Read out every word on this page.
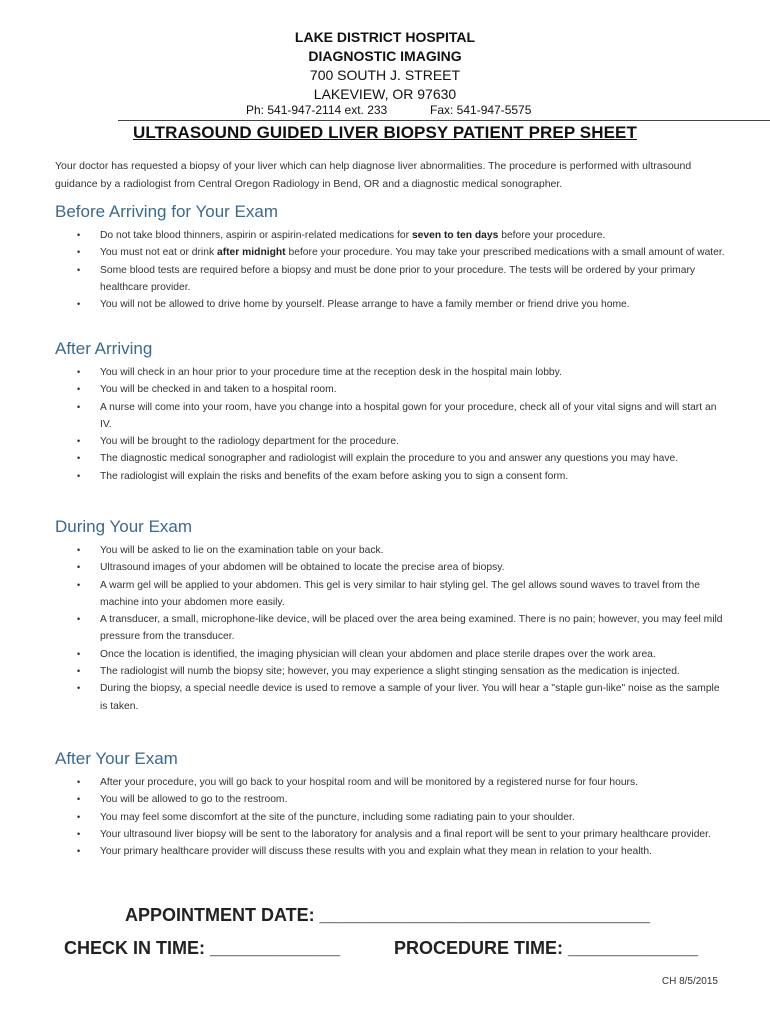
LAKE DISTRICT HOSPITAL
DIAGNOSTIC IMAGING
700 SOUTH J. STREET
LAKEVIEW, OR 97630
Ph: 541-947-2114 ext. 233	Fax: 541-947-5575
ULTRASOUND GUIDED LIVER BIOPSY PATIENT PREP SHEET
Your doctor has requested a biopsy of your liver which can help diagnose liver abnormalities. The procedure is performed with ultrasound guidance by a radiologist from Central Oregon Radiology in Bend, OR and a diagnostic medical sonographer.
Before Arriving for Your Exam
• Do not take blood thinners, aspirin or aspirin-related medications for seven to ten days before your procedure.
• You must not eat or drink after midnight before your procedure. You may take your prescribed medications with a small amount of water.
• Some blood tests are required before a biopsy and must be done prior to your procedure. The tests will be ordered by your primary healthcare provider.
• You will not be allowed to drive home by yourself. Please arrange to have a family member or friend drive you home.
After Arriving
• You will check in an hour prior to your procedure time at the reception desk in the hospital main lobby.
• You will be checked in and taken to a hospital room.
• A nurse will come into your room, have you change into a hospital gown for your procedure, check all of your vital signs and will start an IV.
• You will be brought to the radiology department for the procedure.
• The diagnostic medical sonographer and radiologist will explain the procedure to you and answer any questions you may have.
• The radiologist will explain the risks and benefits of the exam before asking you to sign a consent form.
During Your Exam
• You will be asked to lie on the examination table on your back.
• Ultrasound images of your abdomen will be obtained to locate the precise area of biopsy.
• A warm gel will be applied to your abdomen. This gel is very similar to hair styling gel. The gel allows sound waves to travel from the machine into your abdomen more easily.
• A transducer, a small, microphone-like device, will be placed over the area being examined. There is no pain; however, you may feel mild pressure from the transducer.
• Once the location is identified, the imaging physician will clean your abdomen and place sterile drapes over the work area.
• The radiologist will numb the biopsy site; however, you may experience a slight stinging sensation as the medication is injected.
• During the biopsy, a special needle device is used to remove a sample of your liver. You will hear a "staple gun-like" noise as the sample is taken.
After Your Exam
• After your procedure, you will go back to your hospital room and will be monitored by a registered nurse for four hours.
• You will be allowed to go to the restroom.
• You may feel some discomfort at the site of the puncture, including some radiating pain to your shoulder.
• Your ultrasound liver biopsy will be sent to the laboratory for analysis and a final report will be sent to your primary healthcare provider.
• Your primary healthcare provider will discuss these results with you and explain what they mean in relation to your health.
APPOINTMENT DATE: _________________________________
CHECK IN TIME: _____________	PROCEDURE TIME: _____________
CH 8/5/2015
